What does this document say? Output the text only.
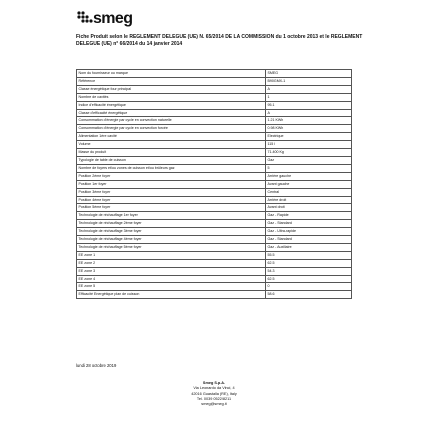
smeg
Fiche Produit selon le REGLEMENT DELEGUE (UE) N. 65/2014 DE LA COMMISSION du 1 octobre 2013 et le REGLEMENT DELEGUE (UE) n° 66/2014 du 14 janvier 2014
Nom du fournisseur ou marque	SMEG
Référence	B90GMX-1
Classe énergétique four principal	A
Nombre de cavités	1
Indice d'efficacité énergétique	95.1
Classe d'efficacité énergétique	A
Consommation d'énergie par cycle en convection naturelle	1.21 KWh
Consommation d'énergie par cycle en convection forcée	0.98 KWh
Alimentation 1ère cavité	Electrique
Volume	115 l
Masse du produit	71.400 Kg
Typologie de table de cuisson	Gaz
Nombre de foyers et/ou zones de cuisson et/ou brûleurs gaz	5
Position 2ème foyer	Arrière gauche
Position 1er foyer	Avant gauche
Position 3ème foyer	Central
Position 4ème foyer	Arrière droit
Position 5ème foyer	Avant droit
Technologie de réchauffage 1er foyer	Gaz - Rapide
Technologie de réchauffage 2ème foyer	Gaz - Standard
Technologie de réchauffage 3ème foyer	Gaz - Ultra-rapide
Technologie de réchauffage 4ème foyer	Gaz - Standard
Technologie de réchauffage 5ème foyer	Gaz - Auxiliaire
EE zone 1	55.5
EE zone 2	62.5
EE zone 3	54.3
EE zone 4	62.5
EE zone 5	0
Efficacité Energétique plan de cuisson	58.6
lundi 28 octobre 2019
Smeg S.p.A.
Via Leonardo da Vinci, 4
42016 Guastalla (RE), Italy
Tel. 0039 0522/8211
smeg@smeg.it
